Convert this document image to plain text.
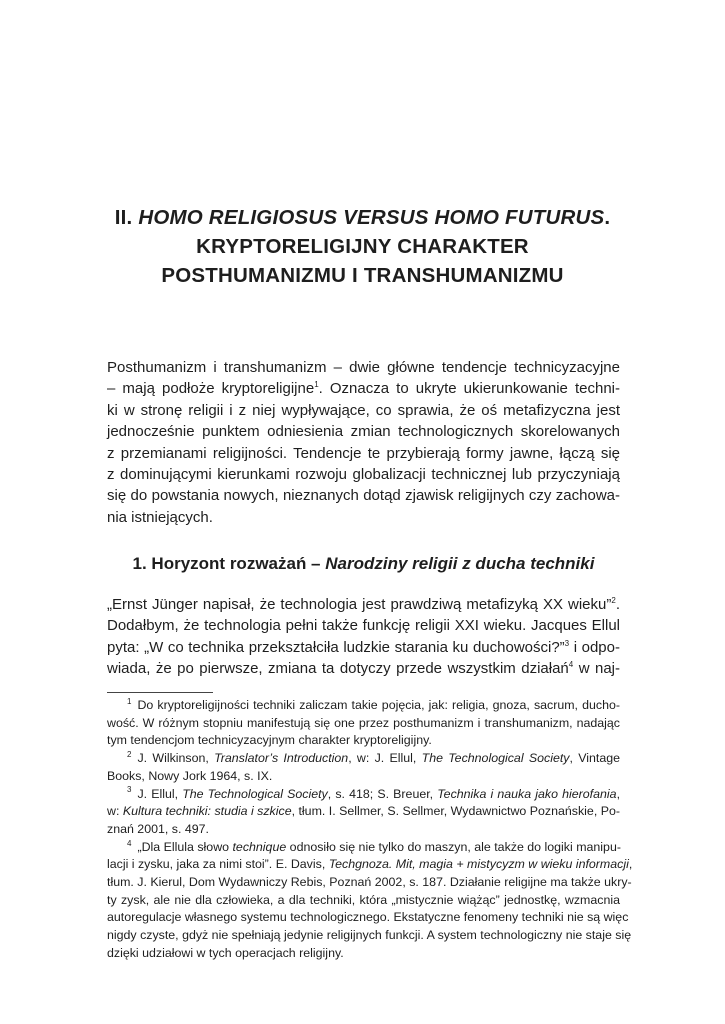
II. HOMO RELIGIOSUS VERSUS HOMO FUTURUS.
KRYPTORELIGIJNY CHARAKTER
POSTHUMANIZMU I TRANSHUMANIZMU
Posthumanizm i transhumanizm – dwie główne tendencje technicyzacyjne
– mają podłoże kryptoreligijne$^1$. Oznacza to ukryte ukierunkowanie techni-
ki w stronę religii i z niej wypływające, co sprawia, że oś metafizyczna jest
jednocześnie punktem odniesienia zmian technologicznych skorelowanych
z przemianami religijności. Tendencje te przybierają formy jawne, łączą się
z dominującymi kierunkami rozwoju globalizacji technicznej lub przyczyniają
się do powstania nowych, nieznanych dotąd zjawisk religijnych czy zachowa-
nia istniejących.
1. Horyzont rozważań – Narodziny religii z ducha techniki
„Ernst Jünger napisał, że technologia jest prawdziwą metafizyką XX wieku”$^2$.
Dodałbym, że technologia pełni także funkcję religii XXI wieku. Jacques Ellul
pyta: „W co technika przekształciła ludzkie starania ku duchowości?”$^3$ i odpo-
wiada, że po pierwsze, zmiana ta dotyczy przede wszystkim działań$^4$ w naj-
$^1$ Do kryptoreligijności techniki zaliczam takie pojęcia, jak: religia, gnoza, sacrum, ducho-
wość. W różnym stopniu manifestują się one przez posthumanizm i transhumanizm, nadając
tym tendencjom technicyzacyjnym charakter kryptoreligijny.
$^2$ J. Wilkinson, Translator’s Introduction, w: J. Ellul, The Technological Society, Vintage
Books, Nowy Jork 1964, s. IX.
$^3$ J. Ellul, The Technological Society, s. 418; S. Breuer, Technika i nauka jako hierofania,
w: Kultura techniki: studia i szkice, tłum. I. Sellmer, S. Sellmer, Wydawnictwo Poznańskie, Po-
znań 2001, s. 497.
$^4$ „Dla Ellula słowo technique odnosiło się nie tylko do maszyn, ale także do logiki manipu-
lacji i zysku, jaka za nimi stoi”. E. Davis, Techgnoza. Mit, magia + mistycyzm w wieku informacji,
tłum. J. Kierul, Dom Wydawniczy Rebis, Poznań 2002, s. 187. Działanie religijne ma także ukry-
ty zysk, ale nie dla człowieka, a dla techniki, która „mistycznie wiążąc” jednostkę, wzmacnia
autoregulacje własnego systemu technologicznego. Ekstatyczne fenomeny techniki nie są więc
nigdy czyste, gdyż nie spełniają jedynie religijnych funkcji. A system technologiczny nie staje się
dzięki udziałowi w tych operacjach religijny.
